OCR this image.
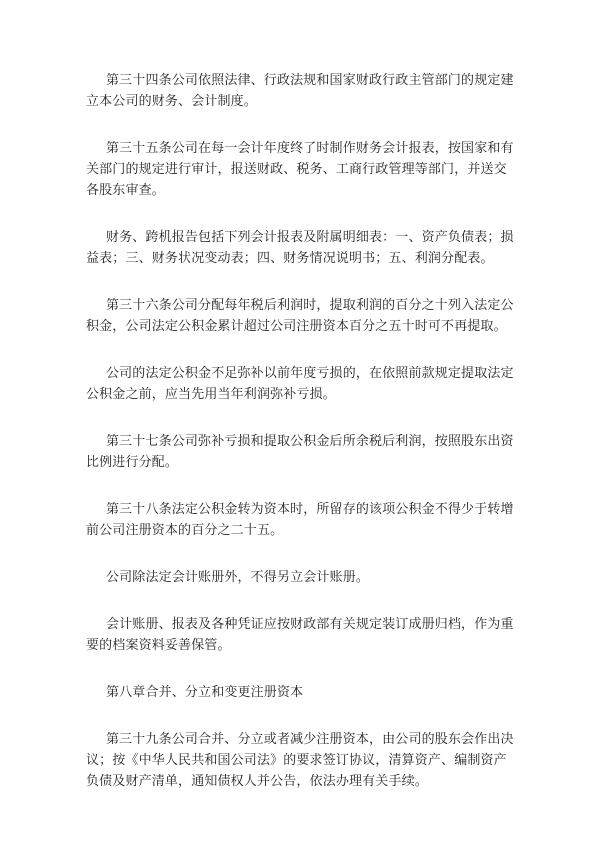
第三十四条公司依照法律、行政法规和国家财政行政主管部门的规定建立本公司的财务、会计制度。

第三十五条公司在每一会计年度终了时制作财务会计报表，按国家和有关部门的规定进行审计，报送财政、税务、工商行政管理等部门，并送交各股东审查。

财务、跨机报告包括下列会计报表及附属明细表：一、资产负债表；损益表；三、财务状况变动表；四、财务情况说明书；五、利润分配表。

第三十六条公司分配每年税后利润时，提取利润的百分之十列入法定公积金，公司法定公积金累计超过公司注册资本百分之五十时可不再提取。

公司的法定公积金不足弥补以前年度亏损的，在依照前款规定提取法定公积金之前，应当先用当年利润弥补亏损。

第三十七条公司弥补亏损和提取公积金后所余税后利润，按照股东出资比例进行分配。

第三十八条法定公积金转为资本时，所留存的该项公积金不得少于转增前公司注册资本的百分之二十五。

公司除法定会计账册外，不得另立会计账册。

会计账册、报表及各种凭证应按财政部有关规定装订成册归档，作为重要的档案资料妥善保管。

第八章合并、分立和变更注册资本

第三十九条公司合并、分立或者减少注册资本，由公司的股东会作出决议；按《中华人民共和国公司法》的要求签订协议，清算资产、编制资产负债及财产清单，通知债权人并公告，依法办理有关手续。
